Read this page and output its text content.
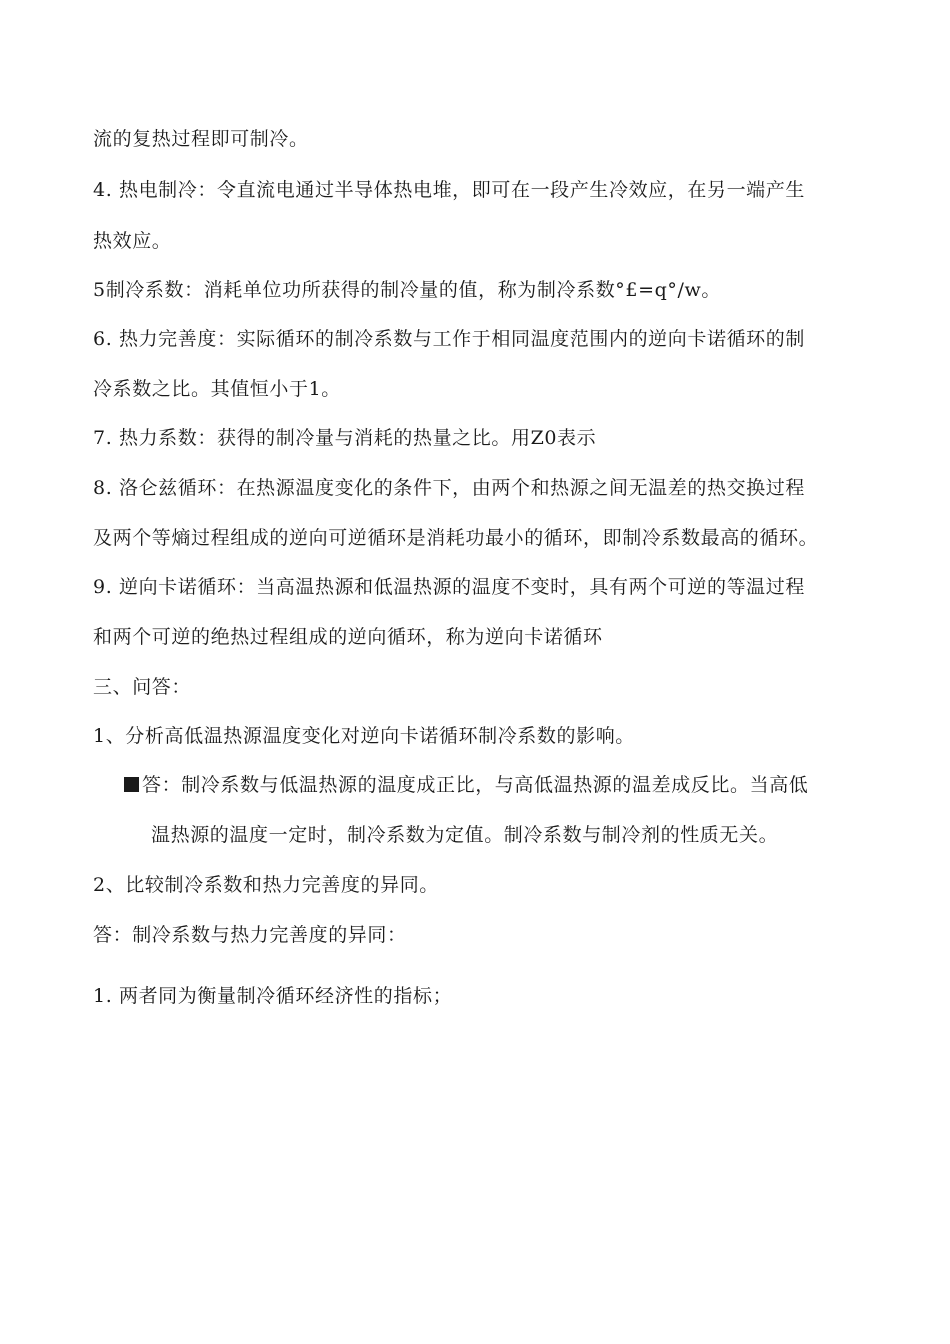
流的复热过程即可制冷。
4. 热电制冷：令直流电通过半导体热电堆，即可在一段产生冷效应，在另一端产生
热效应。
5制冷系数：消耗单位功所获得的制冷量的值，称为制冷系数°£=q°/w。
6. 热力完善度：实际循环的制冷系数与工作于相同温度范围内的逆向卡诺循环的制
冷系数之比。其值恒小于1。
7. 热力系数：获得的制冷量与消耗的热量之比。用Z0表示
8. 洛仑兹循环：在热源温度变化的条件下，由两个和热源之间无温差的热交换过程
及两个等熵过程组成的逆向可逆循环是消耗功最小的循环，即制冷系数最高的循环。
9. 逆向卡诺循环：当高温热源和低温热源的温度不变时，具有两个可逆的等温过程
和两个可逆的绝热过程组成的逆向循环，称为逆向卡诺循环
三、问答：
1、分析高低温热源温度变化对逆向卡诺循环制冷系数的影响。
答：制冷系数与低温热源的温度成正比，与高低温热源的温差成反比。当高低
温热源的温度一定时，制冷系数为定值。制冷系数与制冷剂的性质无关。
2、比较制冷系数和热力完善度的异同。
答：制冷系数与热力完善度的异同：
1. 两者同为衡量制冷循环经济性的指标；
